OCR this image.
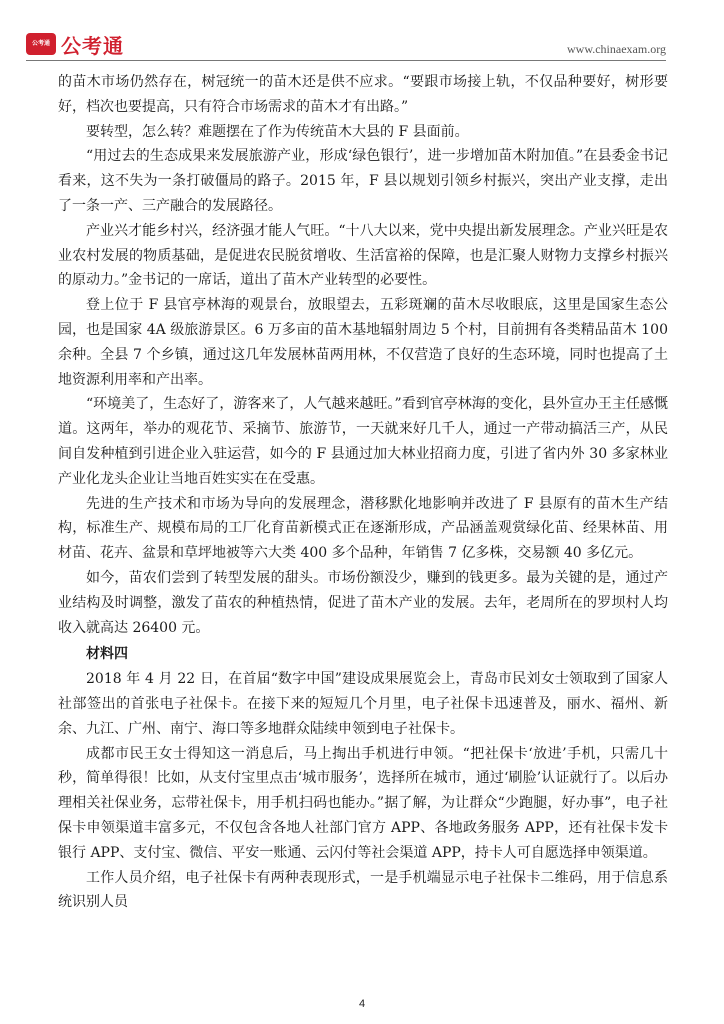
公考通 公考通	www.chinaexam.org

的苗木市场仍然存在，树冠统一的苗木还是供不应求。“要跟市场接上轨，不仅品种要好，树形要好，档次也要提高，只有符合市场需求的苗木才有出路。”

要转型，怎么转？难题摆在了作为传统苗木大县的 F 县面前。

“用过去的生态成果来发展旅游产业，形成‘绿色银行’，进一步增加苗木附加值。”在县委金书记看来，这不失为一条打破僵局的路子。2015 年，F 县以规划引领乡村振兴，突出产业支撑，走出了一条一产、三产融合的发展路径。

产业兴才能乡村兴，经济强才能人气旺。“十八大以来，党中央提出新发展理念。产业兴旺是农业农村发展的物质基础，是促进农民脱贫增收、生活富裕的保障，也是汇聚人财物力支撑乡村振兴的原动力。”金书记的一席话，道出了苗木产业转型的必要性。

登上位于 F 县官亭林海的观景台，放眼望去，五彩斑斓的苗木尽收眼底，这里是国家生态公园，也是国家 4A 级旅游景区。6 万多亩的苗木基地辐射周边 5 个村，目前拥有各类精品苗木 100 余种。全县 7 个乡镇，通过这几年发展林苗两用林，不仅营造了良好的生态环境，同时也提高了土地资源利用率和产出率。

“环境美了，生态好了，游客来了，人气越来越旺。”看到官亭林海的变化，县外宣办王主任感慨道。这两年，举办的观花节、采摘节、旅游节，一天就来好几千人，通过一产带动搞活三产，从民间自发种植到引进企业入驻运营，如今的 F 县通过加大林业招商力度，引进了省内外 30 多家林业产业化龙头企业让当地百姓实实在在受惠。

先进的生产技术和市场为导向的发展理念，潜移默化地影响并改进了 F 县原有的苗木生产结构，标准生产、规模布局的工厂化育苗新模式正在逐渐形成，产品涵盖观赏绿化苗、经果林苗、用材苗、花卉、盆景和草坪地被等六大类 400 多个品种，年销售 7 亿多株，交易额 40 多亿元。

如今，苗农们尝到了转型发展的甜头。市场份额没少，赚到的钱更多。最为关键的是，通过产业结构及时调整，激发了苗农的种植热情，促进了苗木产业的发展。去年，老周所在的罗坝村人均收入就高达 26400 元。

材料四

2018 年 4 月 22 日，在首届“数字中国”建设成果展览会上，青岛市民刘女士领取到了国家人社部签出的首张电子社保卡。在接下来的短短几个月里，电子社保卡迅速普及，丽水、福州、新余、九江、广州、南宁、海口等多地群众陆续申领到电子社保卡。

成都市民王女士得知这一消息后，马上掏出手机进行申领。“把社保卡‘放进’手机，只需几十秒，简单得很！比如，从支付宝里点击‘城市服务’，选择所在城市，通过‘刷脸’认证就行了。以后办理相关社保业务，忘带社保卡，用手机扫码也能办。”据了解，为让群众“少跑腿，好办事”，电子社保卡申领渠道丰富多元，不仅包含各地人社部门官方 APP、各地政务服务 APP，还有社保卡发卡银行 APP、支付宝、微信、平安一账通、云闪付等社会渠道 APP，持卡人可自愿选择申领渠道。

工作人员介绍，电子社保卡有两种表现形式，一是手机端显示电子社保卡二维码，用于信息系统识别人员

4
